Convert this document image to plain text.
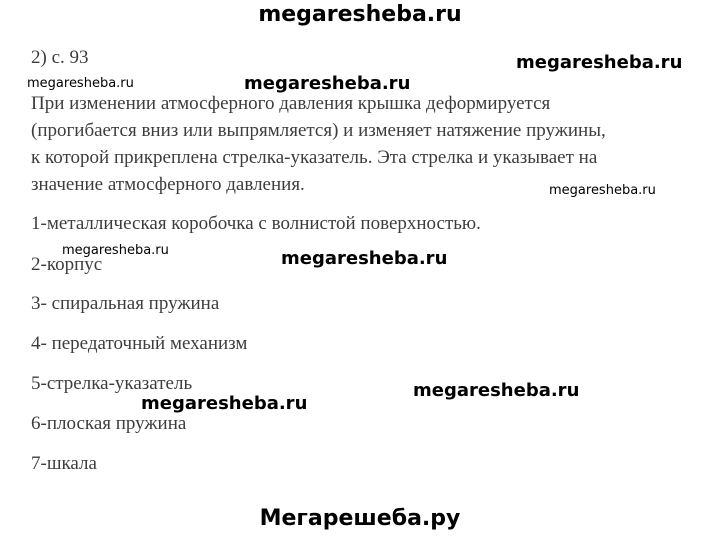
megaresheba.ru
2) с. 93
При изменении атмосферного давления крышка деформируется
(прогибается вниз или выпрямляется) и изменяет натяжение пружины,
к которой прикреплена стрелка-указатель. Эта стрелка и указывает на
значение атмосферного давления.
1-металлическая коробочка с волнистой поверхностью.
2-корпус
3- спиральная пружина
4- передаточный механизм
5-стрелка-указатель
6-плоская пружина
7-шкала
megaresheba.ru
megaresheba.ru	megaresheba.ru
megaresheba.ru
megaresheba.ru	megaresheba.ru
megaresheba.ru
megaresheba.ru
Мегарешеба.ру
